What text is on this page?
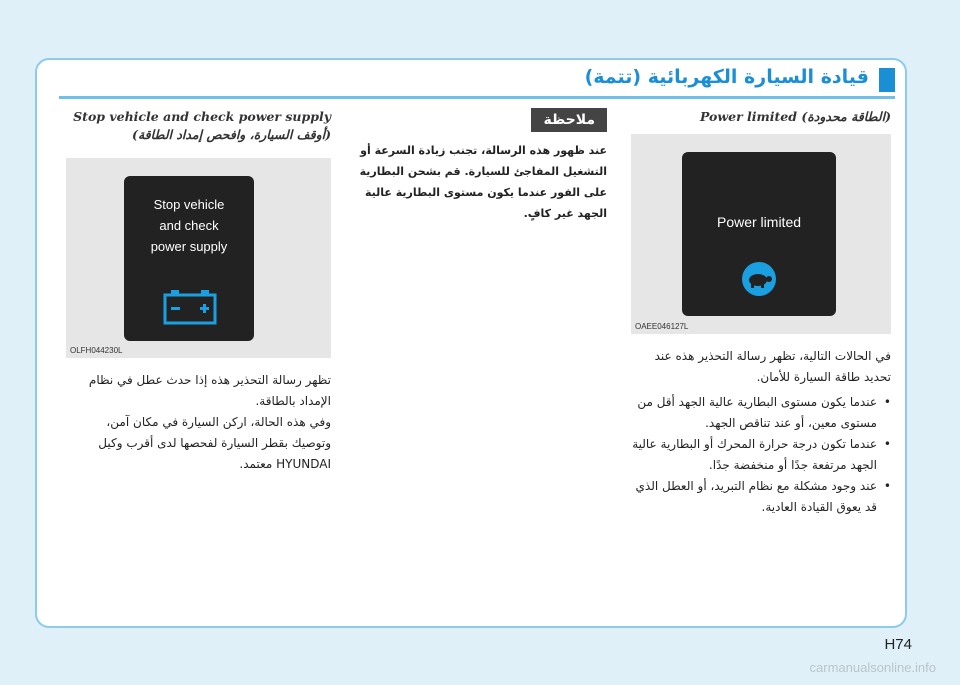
قيادة السيارة الكهربائية (تتمة)
(الطاقة محدودة) Power limited
Power limited
OAEE046127L
في الحالات التالية، تظهر رسالة التحذير هذه عند تحديد طاقة السيارة للأمان.
• عندما يكون مستوى البطارية عالية الجهد أقل من مستوى معين، أو عند تناقص الجهد.
• عندما تكون درجة حرارة المحرك أو البطارية عالية الجهد مرتفعة جدًا أو منخفضة جدًا.
• عند وجود مشكلة مع نظام التبريد، أو العطل الذي قد يعوق القيادة العادية.
ملاحظة
عند ظهور هذه الرسالة، تجنب زيادة السرعة أو التشغيل المفاجئ للسيارة. قم بشحن البطارية على الفور عندما يكون مستوى البطارية عالية الجهد غير كافٍ.
Stop vehicle and check power supply
(أوقف السيارة، وافحص إمداد الطاقة)
Stop vehicle
and check
power supply
OLFH044230L
تظهر رسالة التحذير هذه إذا حدث عطل في نظام الإمداد بالطاقة.
وفي هذه الحالة، اركن السيارة في مكان آمن، وتوصيك بقطر السيارة لفحصها لدى أقرب وكيل HYUNDAI معتمد.
H74
carmanualsonline.info
